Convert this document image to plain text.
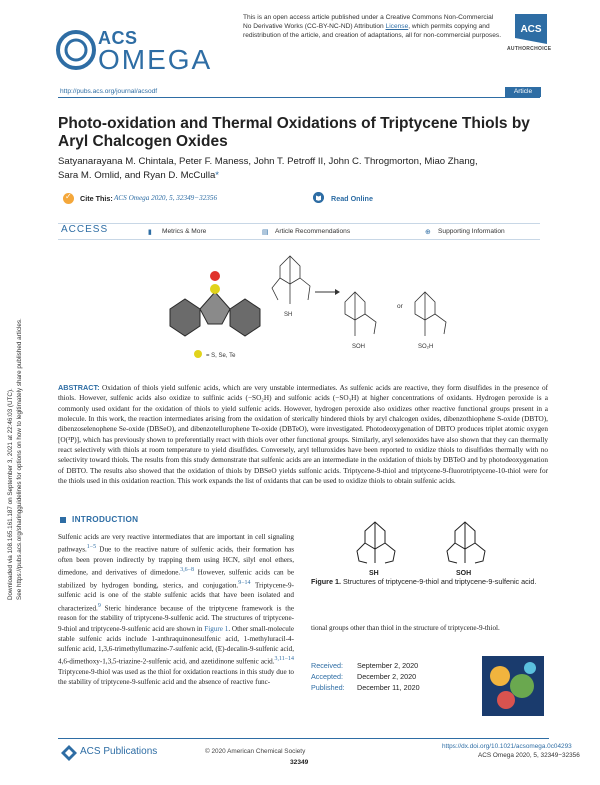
ACS
OMEGA
This is an open access article published under a Creative Commons Non-Commercial No Derivative Works (CC-BY-NC-ND) Attribution License, which permits copying and redistribution of the article, and creation of adaptations, all for non-commercial purposes.
ACS
AUTHORCHOICE
http://pubs.acs.org/journal/acsodf	Article
Photo-oxidation and Thermal Oxidations of Triptycene Thiols by Aryl Chalcogen Oxides
Satyanarayana M. Chintala, Peter F. Maness, John T. Petroff II, John C. Throgmorton, Miao Zhang,
Sara M. Omlid, and Ryan D. McCulla*
✓ Cite This: ACS Omega 2020, 5, 32349−32356	Read Online
ACCESS	▮ Metrics & More	▤ Article Recommendations	⊕ Supporting Information
= S, Se, Te
SH
SOH
or
SO₂H
ABSTRACT: Oxidation of thiols yield sulfenic acids, which are very unstable intermediates. As sulfenic acids are reactive, they form disulfides in the presence of thiols. However, sulfenic acids also oxidize to sulfinic acids (−SO₂H) and sulfonic acids (−SO₃H) at higher concentrations of oxidants. Hydrogen peroxide is a commonly used oxidant for the oxidation of thiols to yield sulfenic acids. However, hydrogen peroxide also oxidizes other reactive functional groups present in a molecule. In this work, the reaction intermediates arising from the oxidation of sterically hindered thiols by aryl chalcogen oxides, dibenzothiophene S-oxide (DBTO), dibenzoselenophene Se-oxide (DBSeO), and dibenzotellurophene Te-oxide (DBTeO), were investigated. Photodeoxygenation of DBTO produces triplet atomic oxygen [O(³P)], which has previously shown to preferentially react with thiols over other functional groups. Similarly, aryl selenoxides have also shown that they can thermally react selectively with thiols at room temperature to yield disulfides. Conversely, aryl telluroxides have been reported to oxidize thiols to disulfides thermally with no selectivity toward thiols. The results from this study demonstrate that sulfenic acids are an intermediate in the oxidation of thiols by DBTeO and by photodeoxygenation of DBTO. The results also showed that the oxidation of thiols by DBSeO yields sulfonic acids. Triptycene-9-thiol and triptycene-9-fluorotriptycene-10-thiol were for the thiols used in this oxidation reaction. This work expands the list of oxidants that can be used to oxidize thiols to obtain sulfenic acids.
INTRODUCTION
Sulfenic acids are very reactive intermediates that are important in cell signaling pathways.$^{1-5}$ Due to the reactive nature of sulfenic acids, their formation has often been proven indirectly by trapping them using HCN, silyl enol ethers, dimedone, and derivatives of dimedone.$^{3,6-8}$ However, sulfenic acids can be stabilized by hydrogen bonding, sterics, and conjugation.$^{9-14}$ Triptycene-9-sulfenic acid is one of the stable sulfenic acids that have been isolated and characterized.$^9$ Steric hinderance because of the triptycene framework is the reason for the stability of triptycene-9-sulfenic acid. The structures of triptycene-9-thiol and triptycene-9-sulfenic acid are shown in Figure 1. Other small-molecule stable sulfenic acids include 1-anthraquinonesulfenic acid, 1-methyluracil-4-sulfenic acid, 1,3,6-trimethyllumazine-7-sulfenic acid, (E)-decalin-9-sulfenic acid, 4,6-dimethoxy-1,3,5-triazine-2-sulfenic acid, and azetidinone sulfenic acid.$^{3,11-14}$ Triptycene-9-thiol was used as the thiol for oxidation reactions in this study due to the stability of triptycene-9-sulfenic acid and the absence of reactive func-
SH	SOH
Figure 1. Structures of triptycene-9-thiol and triptycene-9-sulfenic acid.
tional groups other than thiol in the structure of triptycene-9-thiol.
Received: September 2, 2020
Accepted: December 2, 2020
Published: December 11, 2020
ACS Publications	© 2020 American Chemical Society
32349
https://dx.doi.org/10.1021/acsomega.0c04293
ACS Omega 2020, 5, 32349−32356
Downloaded via 108.165.161.187 on September 3, 2021 at 22:46:03 (UTC). See https://pubs.acs.org/sharingguidelines for options on how to legitimately share published articles.
